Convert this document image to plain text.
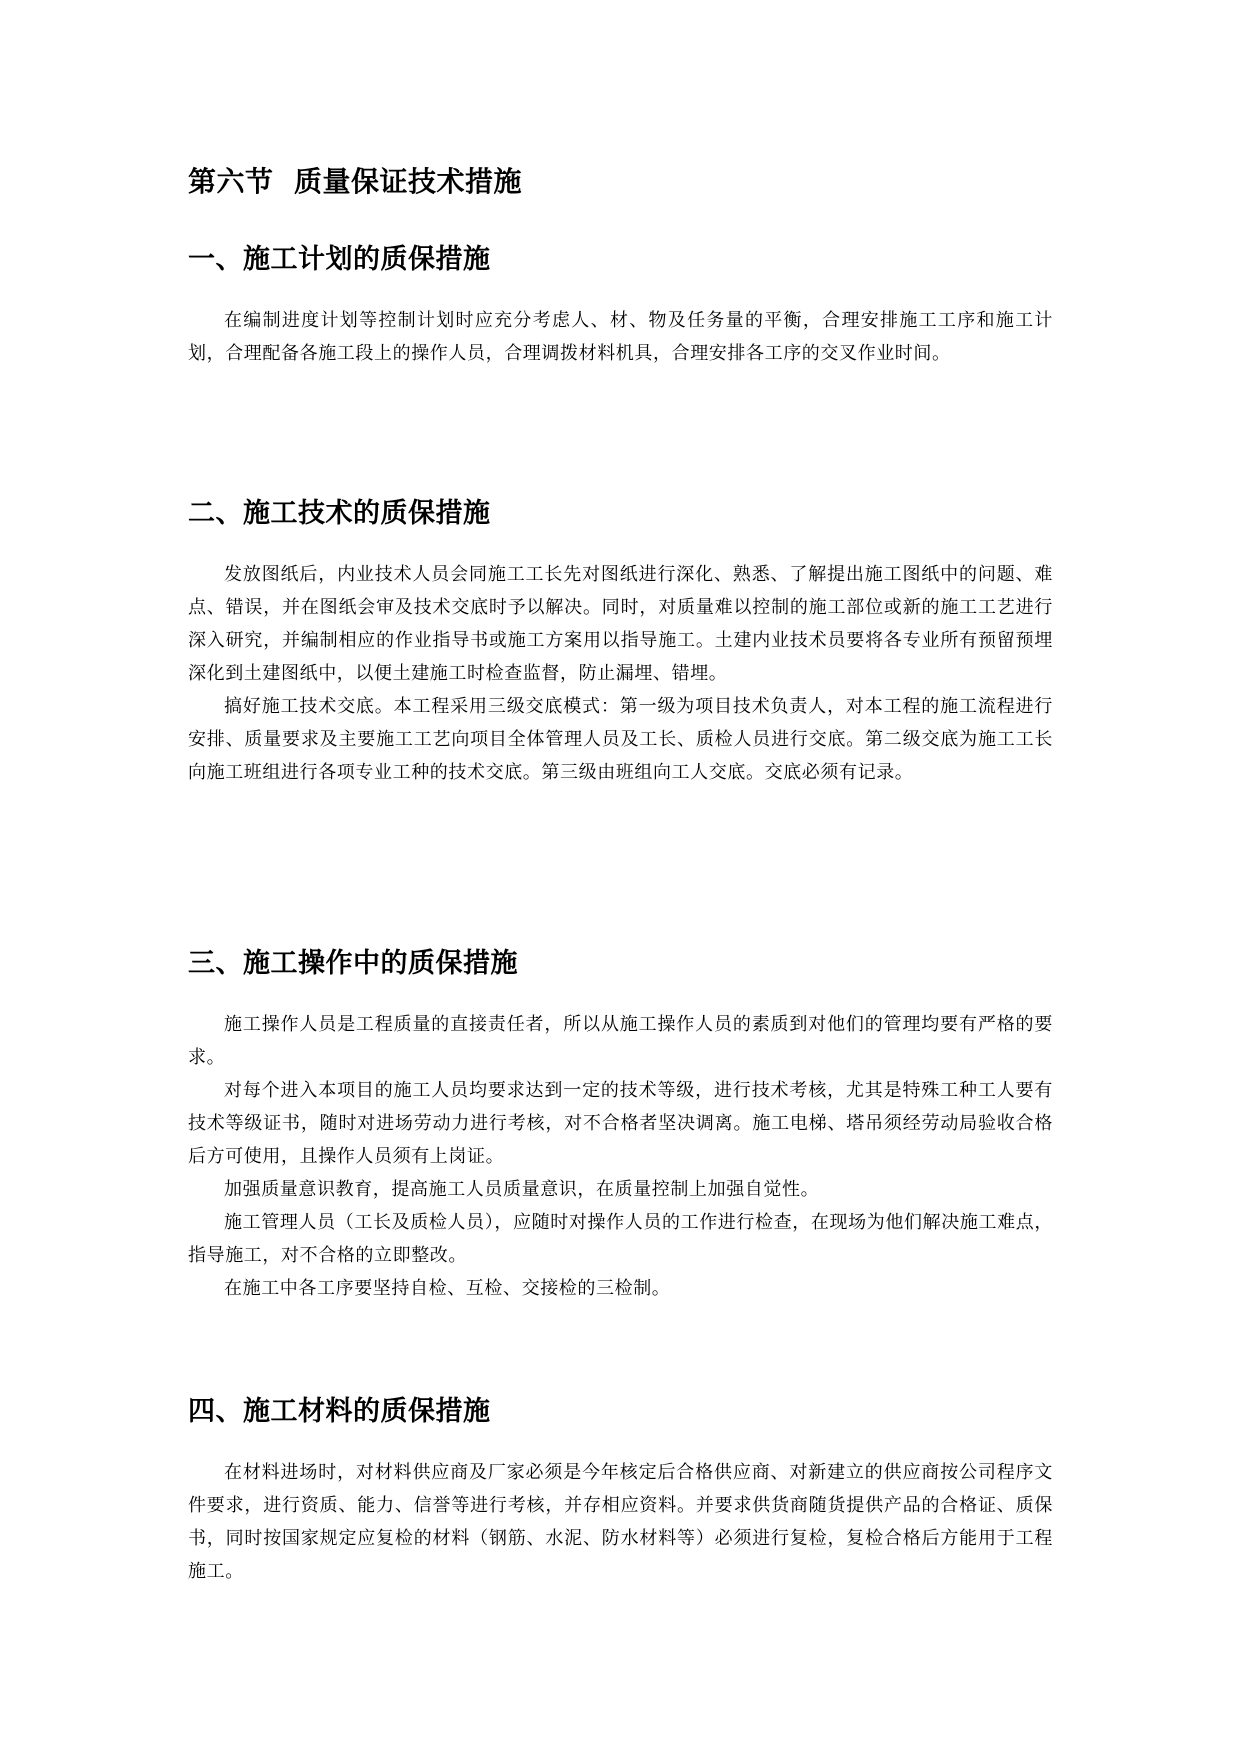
第六节  质量保证技术措施
一、施工计划的质保措施

在编制进度计划等控制计划时应充分考虑人、材、物及任务量的平衡，合理安排施工工序和施工计划，合理配备各施工段上的操作人员，合理调拨材料机具，合理安排各工序的交叉作业时间。

二、施工技术的质保措施

发放图纸后，内业技术人员会同施工工长先对图纸进行深化、熟悉、了解提出施工图纸中的问题、难点、错误，并在图纸会审及技术交底时予以解决。同时，对质量难以控制的施工部位或新的施工工艺进行深入研究，并编制相应的作业指导书或施工方案用以指导施工。土建内业技术员要将各专业所有预留预埋深化到土建图纸中，以便土建施工时检查监督，防止漏埋、错埋。

搞好施工技术交底。本工程采用三级交底模式：第一级为项目技术负责人，对本工程的施工流程进行安排、质量要求及主要施工工艺向项目全体管理人员及工长、质检人员进行交底。第二级交底为施工工长向施工班组进行各项专业工种的技术交底。第三级由班组向工人交底。交底必须有记录。

三、施工操作中的质保措施

施工操作人员是工程质量的直接责任者，所以从施工操作人员的素质到对他们的管理均要有严格的要求。

对每个进入本项目的施工人员均要求达到一定的技术等级，进行技术考核，尤其是特殊工种工人要有技术等级证书，随时对进场劳动力进行考核，对不合格者坚决调离。施工电梯、塔吊须经劳动局验收合格后方可使用，且操作人员须有上岗证。

加强质量意识教育，提高施工人员质量意识，在质量控制上加强自觉性。

施工管理人员（工长及质检人员），应随时对操作人员的工作进行检查，在现场为他们解决施工难点，指导施工，对不合格的立即整改。

在施工中各工序要坚持自检、互检、交接检的三检制。

四、施工材料的质保措施

在材料进场时，对材料供应商及厂家必须是今年核定后合格供应商、对新建立的供应商按公司程序文件要求，进行资质、能力、信誉等进行考核，并存相应资料。并要求供货商随货提供产品的合格证、质保书，同时按国家规定应复检的材料（钢筋、水泥、防水材料等）必须进行复检，复检合格后方能用于工程施工。
